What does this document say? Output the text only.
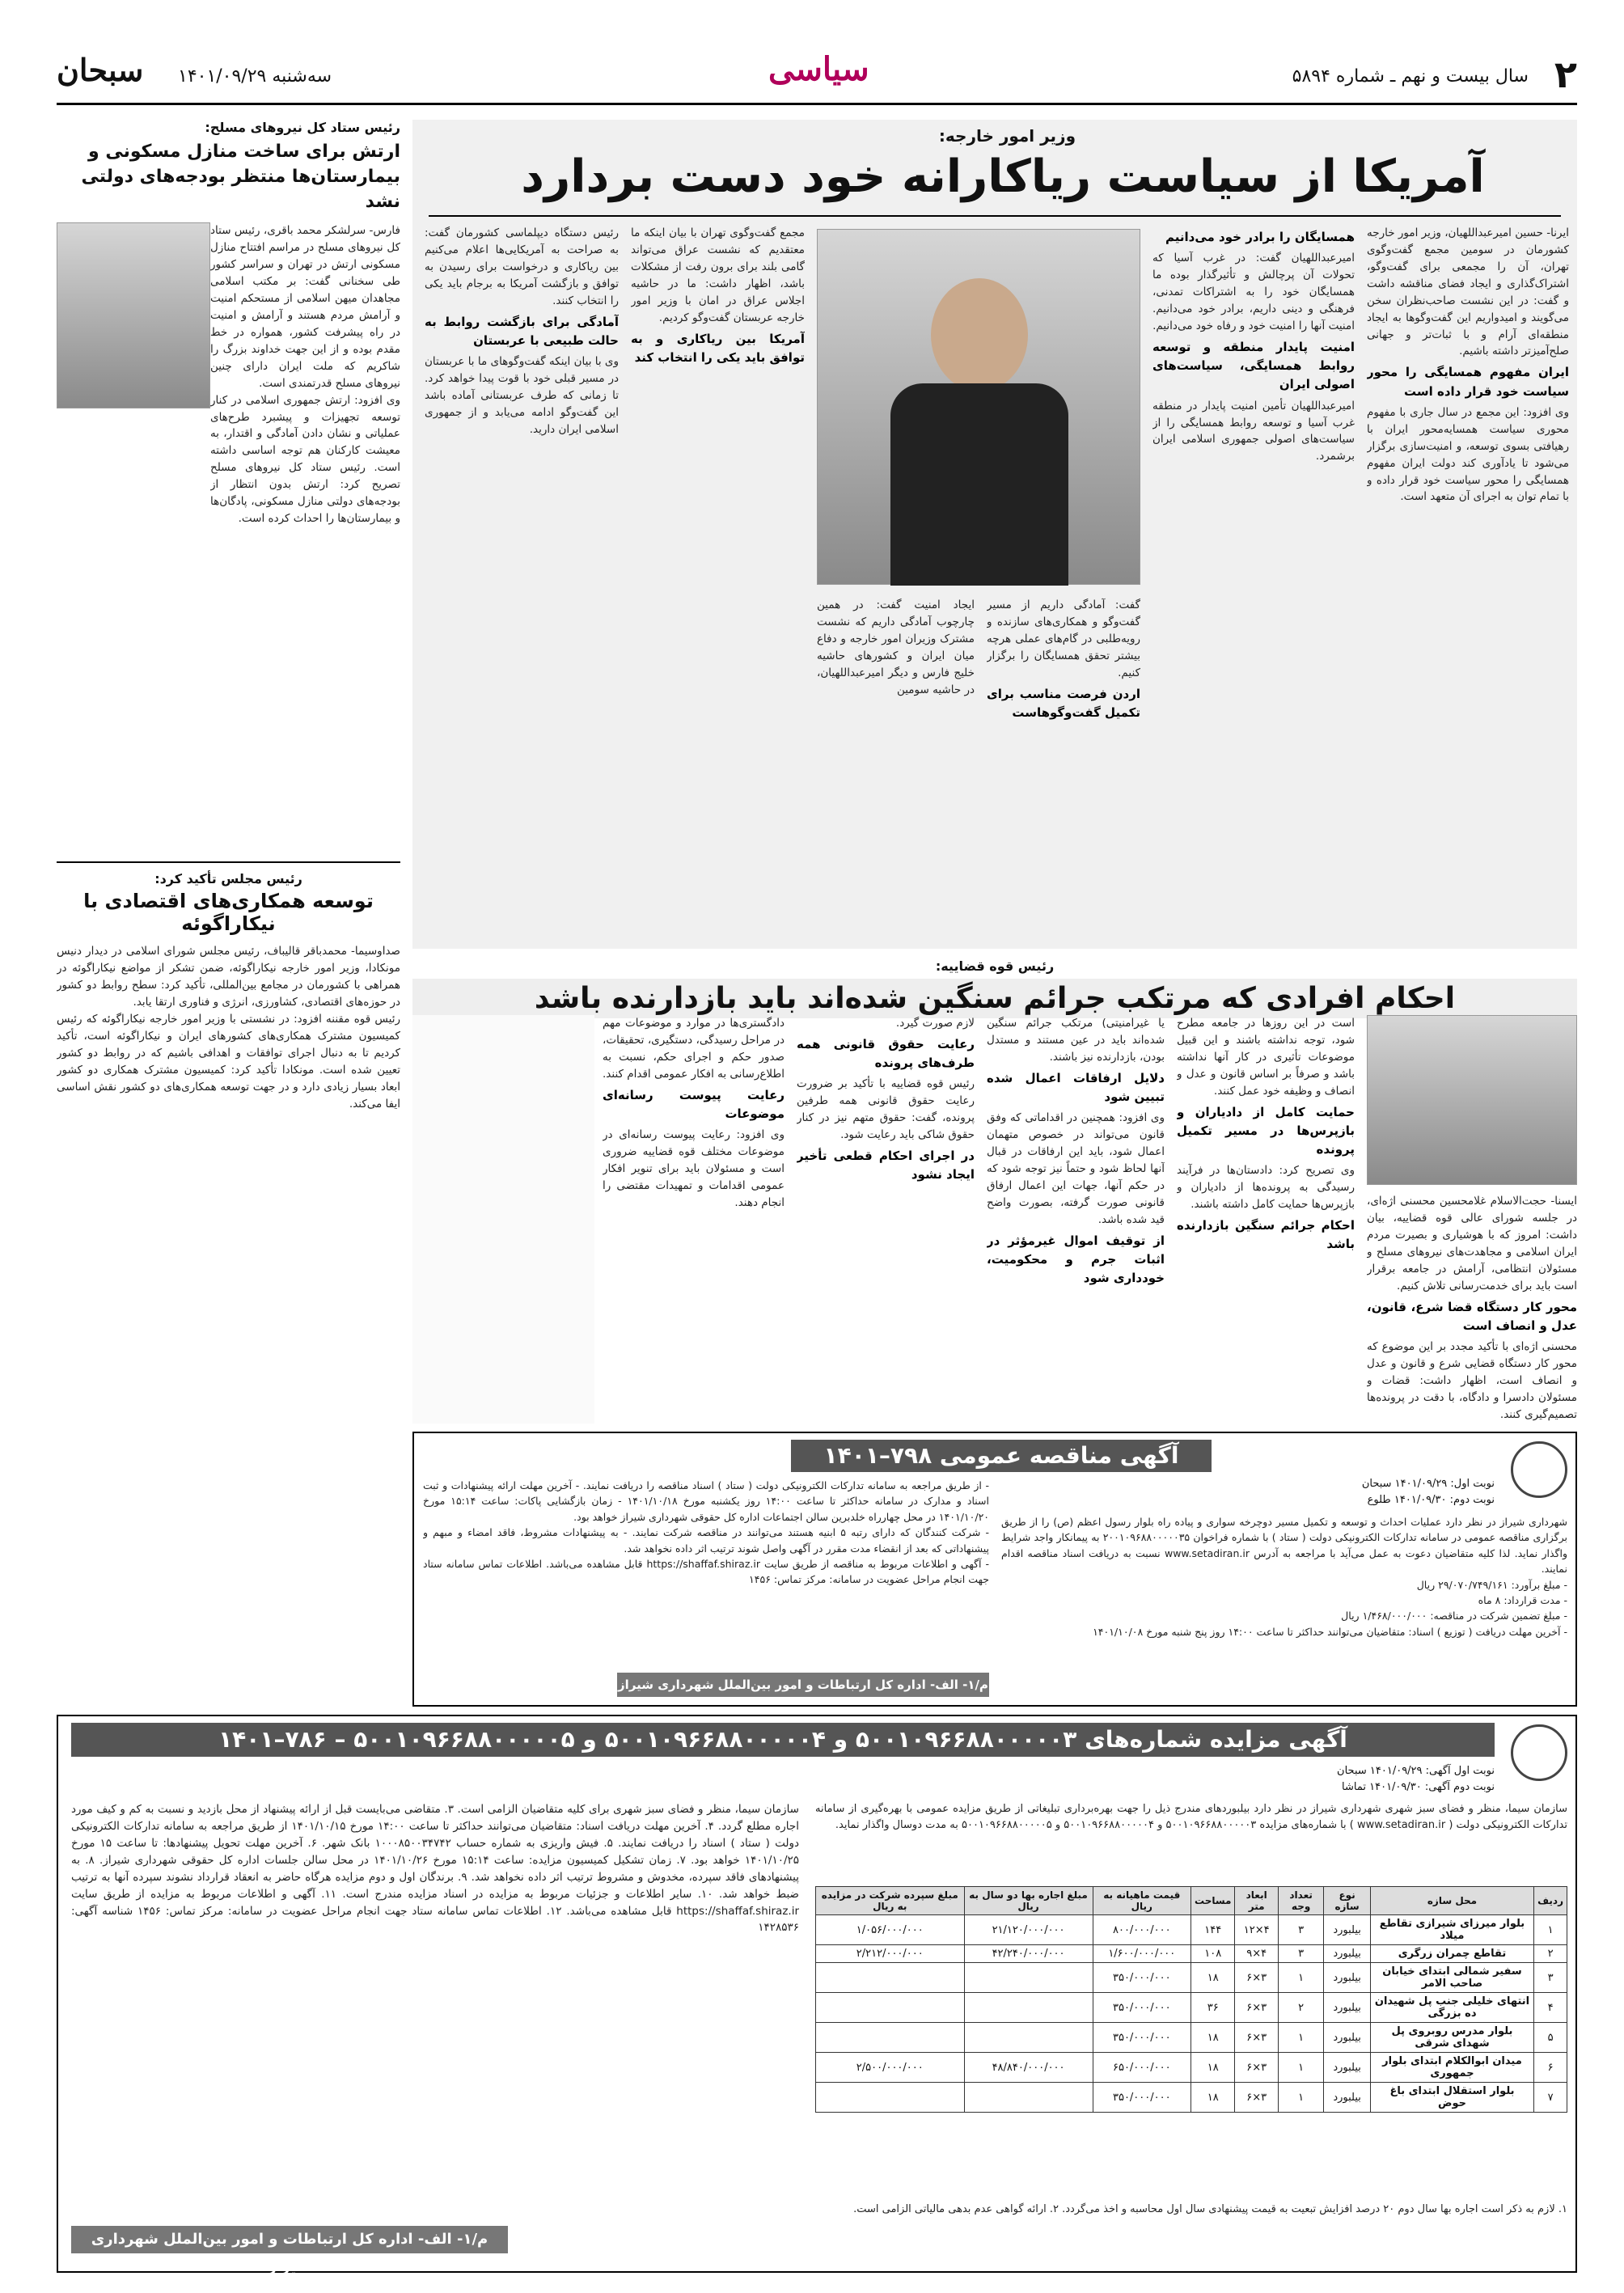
۲
سال بیست و نهم ـ شماره ۵۸۹۴
سیاسی
سه‌شنبه ۱۴۰۱/۰۹/۲۹
سبحان
وزیر امور خارجه:
آمریکا از سیاست ریاکارانه خود دست بردارد

ایرنا- حسین امیرعبداللهیان، وزیر امور خارجه کشورمان در سومین مجمع گفت‌وگوی تهران، آن را مجمعی برای گفت‌وگو، اشتراک‌گذاری و ایجاد فضای مناقشه داشت و گفت: در این نشست صاحب‌نظران سخن می‌گویند و امیدواریم این گفت‌وگوها به ایجاد منطقه‌ای آرام و با ثبات‌تر و جهانی صلح‌آمیزتر داشته باشیم.

ایران مفهوم همسایگی را محور سیاست خود قرار داده است

وی افزود: این مجمع در سال جاری با مفهوم محوری سیاست همسایه‌محور ایران با رهیافتی بسوی توسعه، و امنیت‌سازی برگزار می‌شود تا یادآوری کند دولت ایران مفهوم همسایگی را محور سیاست خود قرار داده و با تمام توان به اجرای آن متعهد است.

همسایگان را برادر خود می‌دانیم

امیرعبداللهیان گفت: در غرب آسیا که تحولات آن پرچالش و تأثیرگذار بوده ما همسایگان خود را به اشتراکات تمدنی، فرهنگی و دینی داریم، برادر خود می‌دانیم. امنیت آنها را امنیت خود و رفاه خود می‌دانیم.

امنیت پایدار منطقه و توسعه روابط همسایگی، سیاست‌های اصولی ایران

امیرعبداللهیان تأمین امنیت پایدار در منطقه غرب آسیا و توسعه روابط همسایگی را از سیاست‌های اصولی جمهوری اسلامی ایران برشمرد.

گفت: آمادگی داریم از مسیر گفت‌وگو و همکاری‌های سازنده و رویه‌طلبی در گام‌های عملی هرچه بیشتر تحقق همسایگان را برگزار کنیم.

اردن فرصت مناسب برای تکمیل گفت‌وگوهاست

ایجاد امنیت گفت: در همین چارچوب آمادگی داریم که نشست مشترک وزیران امور خارجه و دفاع میان ایران و کشورهای حاشیه خلیج فارس و دیگر امیرعبداللهیان، در حاشیه سومین

مجمع گفت‌وگوی تهران با بیان اینکه ما معتقدیم که نشست عراق می‌تواند گامی بلند برای برون رفت از مشکلات باشد، اظهار داشت: ما در حاشیه اجلاس عراق در امان با وزیر امور خارجه عربستان گفت‌وگو کردیم.

آمریکا بین ریاکاری و به توافق باید یکی را انتخاب کند

رئیس دستگاه دیپلماسی کشورمان گفت: به صراحت به آمریکایی‌ها اعلام می‌کنیم بین ریاکاری و درخواست برای رسیدن به توافق و بازگشت آمریکا به برجام باید یکی را انتخاب کنند.

آمادگی برای بازگشت روابط به حالت طبیعی با عربستان

وی با بیان اینکه گفت‌وگوهای ما با عربستان در مسیر قبلی خود با قوت پیدا خواهد کرد. تا زمانی که طرف عربستانی آماده باشد این گفت‌وگو ادامه می‌یابد و از جمهوری اسلامی ایران دارید.

رئیس ستاد کل نیروهای مسلح:
ارتش برای ساخت منازل مسکونی و بیمارستان‌ها منتظر بودجه‌های دولتی نشد

فارس- سرلشکر محمد باقری، رئیس ستاد کل نیروهای مسلح در مراسم افتتاح منازل مسکونی ارتش در تهران و سراسر کشور طی سخنانی گفت: بر مکتب اسلامی مجاهدان میهن اسلامی از مستحکم امنیت و آرامش مردم هستند و آرامش و امنیت در راه پیشرفت کشور، همواره در خط مقدم بوده و از این جهت خداوند بزرگ را شاکریم که ملت ایران دارای چنین نیروهای مسلح قدرتمندی است.

وی افزود: ارتش جمهوری اسلامی در کنار توسعه تجهیزات و پیشبرد طرح‌های عملیاتی و نشان دادن آمادگی و اقتدار، به معیشت کارکنان هم توجه اساسی داشته است. رئیس ستاد کل نیروهای مسلح تصریح کرد: ارتش بدون انتظار از بودجه‌های دولتی منازل مسکونی، پادگان‌ها و بیمارستان‌ها را احداث کرده است.

رئیس مجلس تأکید کرد:
توسعه همکاری‌های اقتصادی با نیکاراگوئه

صداوسیما- محمدباقر قالیباف، رئیس مجلس شورای اسلامی در دیدار دنیس مونکادا، وزیر امور خارجه نیکاراگوئه، ضمن تشکر از مواضع نیکاراگوئه در همراهی با کشورمان در مجامع بین‌المللی، تأکید کرد: سطح روابط دو کشور در حوزه‌های اقتصادی، کشاورزی، انرژی و فناوری ارتقا یابد.

رئیس قوه مقننه افزود: در نشستی با وزیر امور خارجه نیکاراگوئه که رئیس کمیسیون مشترک همکاری‌های کشورهای ایران و نیکاراگوئه است، تأکید کردیم تا به دنبال اجرای توافقات و اهدافی باشیم که در روابط دو کشور تعیین شده است. مونکادا تأکید کرد: کمیسیون مشترک همکاری دو کشور ابعاد بسیار زیادی دارد و در جهت توسعه همکاری‌های دو کشور نقش اساسی ایفا می‌کند.

رئیس قوه قضاییه:
احکام افرادی که مرتکب جرائم سنگین شده‌اند باید بازدارنده باشد

ایسنا- حجت‌الاسلام غلامحسین محسنی اژه‌ای، در جلسه شورای عالی قوه قضاییه، بیان داشت: امروز که با هوشیاری و بصیرت مردم ایران اسلامی و مجاهدت‌های نیروهای مسلح و مسئولان انتظامی، آرامش در جامعه برقرار است باید برای خدمت‌رسانی تلاش کنیم.

محور کار دستگاه قضا شرع، قانون، عدل و انصاف است

محسنی اژه‌ای با تأکید مجدد بر این موضوع که محور کار دستگاه قضایی شرع و قانون و عدل و انصاف است، اظهار داشت: قضات و مسئولان دادسرا و دادگاه، با دقت در پرونده‌ها تصمیم‌گیری کنند.

است در این روزها در جامعه مطرح شود، توجه نداشته باشند و این قبیل موضوعات تأثیری در کار آنها نداشته باشد و صرفاً بر اساس قانون و عدل و انصاف و وظیفه خود عمل کنند.

حمایت کامل از دادیاران و بازپرس‌ها در مسیر تکمیل پرونده

وی تصریح کرد: دادستان‌ها در فرآیند رسیدگی به پرونده‌ها از دادیاران و بازپرس‌ها حمایت کامل داشته باشند.

احکام جرائم سنگین بازدارنده باشد

یا غیرامنیتی) مرتکب جرائم سنگین شده‌اند باید در عین مستند و مستدل بودن، بازدارنده نیز باشند.

دلایل ارفاقات اعمال شده تبیین شود

وی افزود: همچنین در اقداماتی که وفق قانون می‌تواند در خصوص متهمان اعمال شود، باید این ارفاقات در قبال آنها لحاظ شود و حتماً نیز توجه شود که در حکم آنها، جهات این اعمال ارفاق قانونی صورت گرفته، بصورت واضح قید شده باشد.

از توقیف اموال غیرمؤثر در اثبات جرم و محکومیت، خودداری شود

لازم صورت گیرد.

رعایت حقوق قانونی همه طرف‌های پرونده

رئیس قوه قضاییه با تأکید بر ضرورت رعایت حقوق قانونی همه طرفین پرونده، گفت: حقوق متهم نیز در کنار حقوق شاکی باید رعایت شود.

در اجرای احکام قطعی تأخیر ایجاد نشود

دادگستری‌ها در موارد و موضوعات مهم در مراحل رسیدگی، دستگیری، تحقیقات، صدور حکم و اجرای حکم، نسبت به اطلاع‌رسانی به افکار عمومی اقدام کنند.

رعایت پیوست رسانه‌ای موضوعات

وی افزود: رعایت پیوست رسانه‌ای در موضوعات مختلف قوه قضاییه ضروری است و مسئولان باید برای تنویر افکار عمومی اقدامات و تمهیدات مقتضی را انجام دهند.

آگهی مناقصه عمومی ۷۹۸–۱۴۰۱
نوبت اول: ۱۴۰۱/۰۹/۲۹ سبحان
نوبت دوم: ۱۴۰۱/۰۹/۳۰ طلوع

شهرداری شیراز در نظر دارد عملیات احداث و توسعه و تکمیل مسیر دوچرخه سواری و پیاده راه بلوار رسول اعظم (ص) را از طریق برگزاری مناقصه عمومی در سامانه تدارکات الکترونیکی دولت ( ستاد ) با شماره فراخوان ۲۰۰۱۰۹۶۸۸۰۰۰۰۰۳۵ به پیمانکار واجد شرایط واگذار نماید. لذا کلیه متقاضیان دعوت به عمل می‌آید با مراجعه به آدرس www.setadiran.ir نسبت به دریافت اسناد مناقصه اقدام نمایند.

- مبلغ برآورد: ۲۹/۰۷۰/۷۴۹/۱۶۱ ریال

- مدت قرارداد: ۸ ماه

- مبلغ تضمین شرکت در مناقصه: ۱/۴۶۸/۰۰۰/۰۰۰ ریال

- آخرین مهلت دریافت ( توزیع ) اسناد: متقاضیان می‌توانند حداکثر تا ساعت ۱۴:۰۰ روز پنج شنبه مورخ ۱۴۰۱/۱۰/۰۸

- از طریق مراجعه به سامانه تدارکات الکترونیکی دولت ( ستاد ) اسناد مناقصه را دریافت نمایند. - آخرین مهلت ارائه پیشنهادات و ثبت اسناد و مدارک در سامانه حداکثر تا ساعت ۱۴:۰۰ روز یکشنبه مورخ ۱۴۰۱/۱۰/۱۸ - زمان بازگشایی پاکات: ساعت ۱۵:۱۴ مورخ ۱۴۰۱/۱۰/۲۰ در محل چهارراه خلدبرین سالن اجتماعات اداره کل حقوقی شهرداری شیراز خواهد بود.

- شرکت کنندگان که دارای رتبه ۵ ابنیه هستند می‌توانند در مناقصه شرکت نمایند. - به پیشنهادات مشروط، فاقد امضاء و مبهم و پیشنهاداتی که بعد از انقضاء مدت مقرر در آگهی واصل شوند ترتیب اثر داده نخواهد شد.

- آگهی و اطلاعات مربوط به مناقصه از طریق سایت https://shaffaf.shiraz.ir قابل مشاهده می‌باشد. اطلاعات تماس سامانه ستاد جهت انجام مراحل عضویت در سامانه: مرکز تماس: ۱۴۵۶

م/۱- الف- اداره کل ارتباطات و امور بین‌الملل شهرداری شیراز
آگهی مزایده شماره‌های ۵۰۰۱۰۹۶۶۸۸۰۰۰۰۰۳ و ۵۰۰۱۰۹۶۶۸۸۰۰۰۰۰۴ و ۵۰۰۱۰۹۶۶۸۸۰۰۰۰۰۵ – ۷۸۶–۱۴۰۱
نوبت اول آگهی: ۱۴۰۱/۰۹/۲۹ سبحان
نوبت دوم آگهی: ۱۴۰۱/۰۹/۳۰ تماشا
سازمان سیما، منظر و فضای سبز شهری شهرداری شیراز در نظر دارد بیلبوردهای مندرج ذیل را جهت بهره‌برداری تبلیغاتی از طریق مزایده عمومی با بهره‌گیری از سامانه تدارکات الکترونیکی دولت ( www.setadiran.ir ) با شماره‌های مزایده ۵۰۰۱۰۹۶۶۸۸۰۰۰۰۰۳ و ۵۰۰۱۰۹۶۶۸۸۰۰۰۰۰۴ و ۵۰۰۱۰۹۶۶۸۸۰۰۰۰۰۵ به مدت دوسال واگذار نماید.
ردیف	محل سازه	نوع سازه	تعداد وجه	ابعاد متر	مساحت	قیمت ماهیانه به ریال	مبلغ اجاره بها دو سال به ریال	مبلغ سپرده شرکت در مزایده به ریال
۱	بلوار میرزای شیرازی تقاطع میلاد	بیلبورد	۳	۴×۱۲	۱۴۴	۸۰۰/۰۰۰/۰۰۰	۲۱/۱۲۰/۰۰۰/۰۰۰	۱/۰۵۶/۰۰۰/۰۰۰
۲	تقاطع چمران زرگری	بیلبورد	۳	۴×۹	۱۰۸	۱/۶۰۰/۰۰۰/۰۰۰	۴۲/۲۴۰/۰۰۰/۰۰۰	۲/۲۱۲/۰۰۰/۰۰۰
۳	سفیر شمالی ابتدای خیابان صاحب الامر	بیلبورد	۱	۳×۶	۱۸	۳۵۰/۰۰۰/۰۰۰		
۴	انتهای خلیلی جنب پل شهیدان ده بزرگی	بیلبورد	۲	۳×۶	۳۶	۳۵۰/۰۰۰/۰۰۰		
۵	بلوار مدرس روبروی پل شهدای شرقی	بیلبورد	۱	۳×۶	۱۸	۳۵۰/۰۰۰/۰۰۰		
۶	میدان ابوالکلام ابتدای بلوار جمهوری	بیلبورد	۱	۳×۶	۱۸	۶۵۰/۰۰۰/۰۰۰	۴۸/۸۴۰/۰۰۰/۰۰۰	۲/۵۰۰/۰۰۰/۰۰۰
۷	بلوار استقلال ابتدای باغ حوض	بیلبورد	۱	۳×۶	۱۸	۳۵۰/۰۰۰/۰۰۰		
۱. لازم به ذکر است اجاره بها سال دوم ۲۰ درصد افزایش تبعیت به قیمت پیشنهادی سال اول محاسبه و اخذ می‌گردد. ۲. ارائه گواهی عدم بدهی مالیاتی الزامی است.
سازمان سیما، منظر و فضای سبز شهری برای کلیه متقاضیان الزامی است. ۳. متقاضی می‌بایست قبل از ارائه پیشنهاد از محل بازدید و نسبت به کم و کیف مورد اجاره مطلع گردد. ۴. آخرین مهلت دریافت اسناد: متقاضیان می‌توانند حداکثر تا ساعت ۱۴:۰۰ مورخ ۱۴۰۱/۱۰/۱۵ از طریق مراجعه به سامانه تدارکات الکترونیکی دولت ( ستاد ) اسناد را دریافت نمایند. ۵. فیش واریزی به شماره حساب ۱۰۰۰۸۵۰۰۳۴۷۴۲ بانک شهر. ۶. آخرین مهلت تحویل پیشنهادها: تا ساعت ۱۵ مورخ ۱۴۰۱/۱۰/۲۵ خواهد بود. ۷. زمان تشکیل کمیسیون مزایده: ساعت ۱۵:۱۴ مورخ ۱۴۰۱/۱۰/۲۶ در محل سالن جلسات اداره کل حقوقی شهرداری شیراز. ۸. به پیشنهادهای فاقد سپرده، مخدوش و مشروط ترتیب اثر داده نخواهد شد. ۹. برندگان اول و دوم مزایده هرگاه حاضر به انعقاد قرارداد نشوند سپرده آنها به ترتیب ضبط خواهد شد. ۱۰. سایر اطلاعات و جزئیات مربوط به مزایده در اسناد مزایده مندرج است. ۱۱. آگهی و اطلاعات مربوط به مزایده از طریق سایت https://shaffaf.shiraz.ir قابل مشاهده می‌باشد. ۱۲. اطلاعات تماس سامانه ستاد جهت انجام مراحل عضویت در سامانه: مرکز تماس: ۱۴۵۶ شناسه آگهی: ۱۴۲۸۵۳۶
م/۱- الف- اداره کل ارتباطات و امور بین‌الملل شهرداری شیراز
